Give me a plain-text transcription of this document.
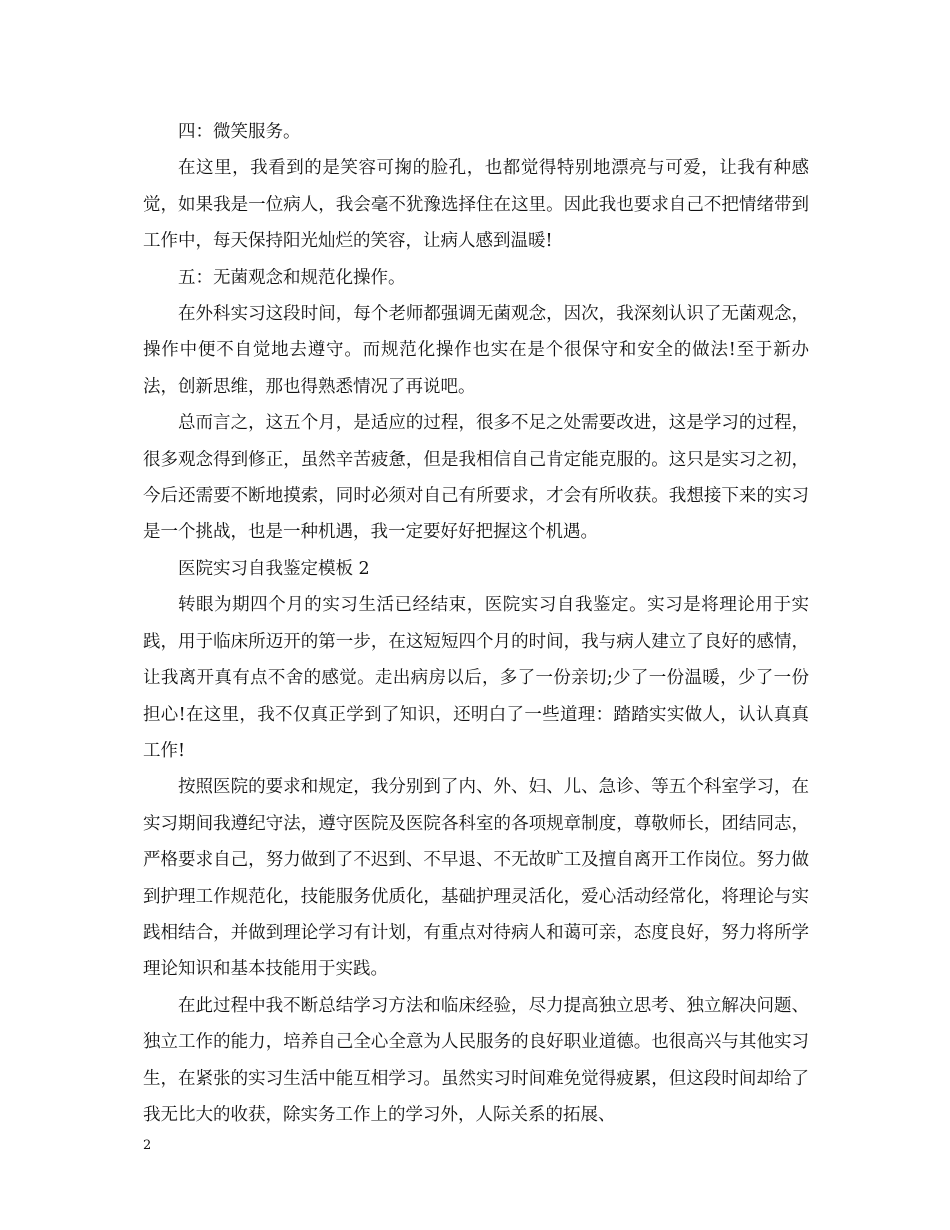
四：微笑服务。

在这里，我看到的是笑容可掬的脸孔，也都觉得特别地漂亮与可爱，让我有种感觉，如果我是一位病人，我会毫不犹豫选择住在这里。因此我也要求自己不把情绪带到工作中，每天保持阳光灿烂的笑容，让病人感到温暖!

五：无菌观念和规范化操作。

在外科实习这段时间，每个老师都强调无菌观念，因次，我深刻认识了无菌观念，操作中便不自觉地去遵守。而规范化操作也实在是个很保守和安全的做法!至于新办法，创新思维，那也得熟悉情况了再说吧。

总而言之，这五个月，是适应的过程，很多不足之处需要改进，这是学习的过程，很多观念得到修正，虽然辛苦疲惫，但是我相信自己肯定能克服的。这只是实习之初，今后还需要不断地摸索，同时必须对自己有所要求，才会有所收获。我想接下来的实习是一个挑战，也是一种机遇，我一定要好好把握这个机遇。

医院实习自我鉴定模板 2

转眼为期四个月的实习生活已经结束，医院实习自我鉴定。实习是将理论用于实践，用于临床所迈开的第一步，在这短短四个月的时间，我与病人建立了良好的感情，让我离开真有点不舍的感觉。走出病房以后，多了一份亲切;少了一份温暖，少了一份担心!在这里，我不仅真正学到了知识，还明白了一些道理：踏踏实实做人，认认真真工作!

按照医院的要求和规定，我分别到了内、外、妇、儿、急诊、等五个科室学习，在实习期间我遵纪守法，遵守医院及医院各科室的各项规章制度，尊敬师长，团结同志，严格要求自己，努力做到了不迟到、不早退、不无故旷工及擅自离开工作岗位。努力做到护理工作规范化，技能服务优质化，基础护理灵活化，爱心活动经常化，将理论与实践相结合，并做到理论学习有计划，有重点对待病人和蔼可亲，态度良好，努力将所学理论知识和基本技能用于实践。

在此过程中我不断总结学习方法和临床经验，尽力提高独立思考、独立解决问题、独立工作的能力，培养自己全心全意为人民服务的良好职业道德。也很高兴与其他实习生，在紧张的实习生活中能互相学习。虽然实习时间难免觉得疲累，但这段时间却给了我无比大的收获，除实务工作上的学习外，人际关系的拓展、

2
